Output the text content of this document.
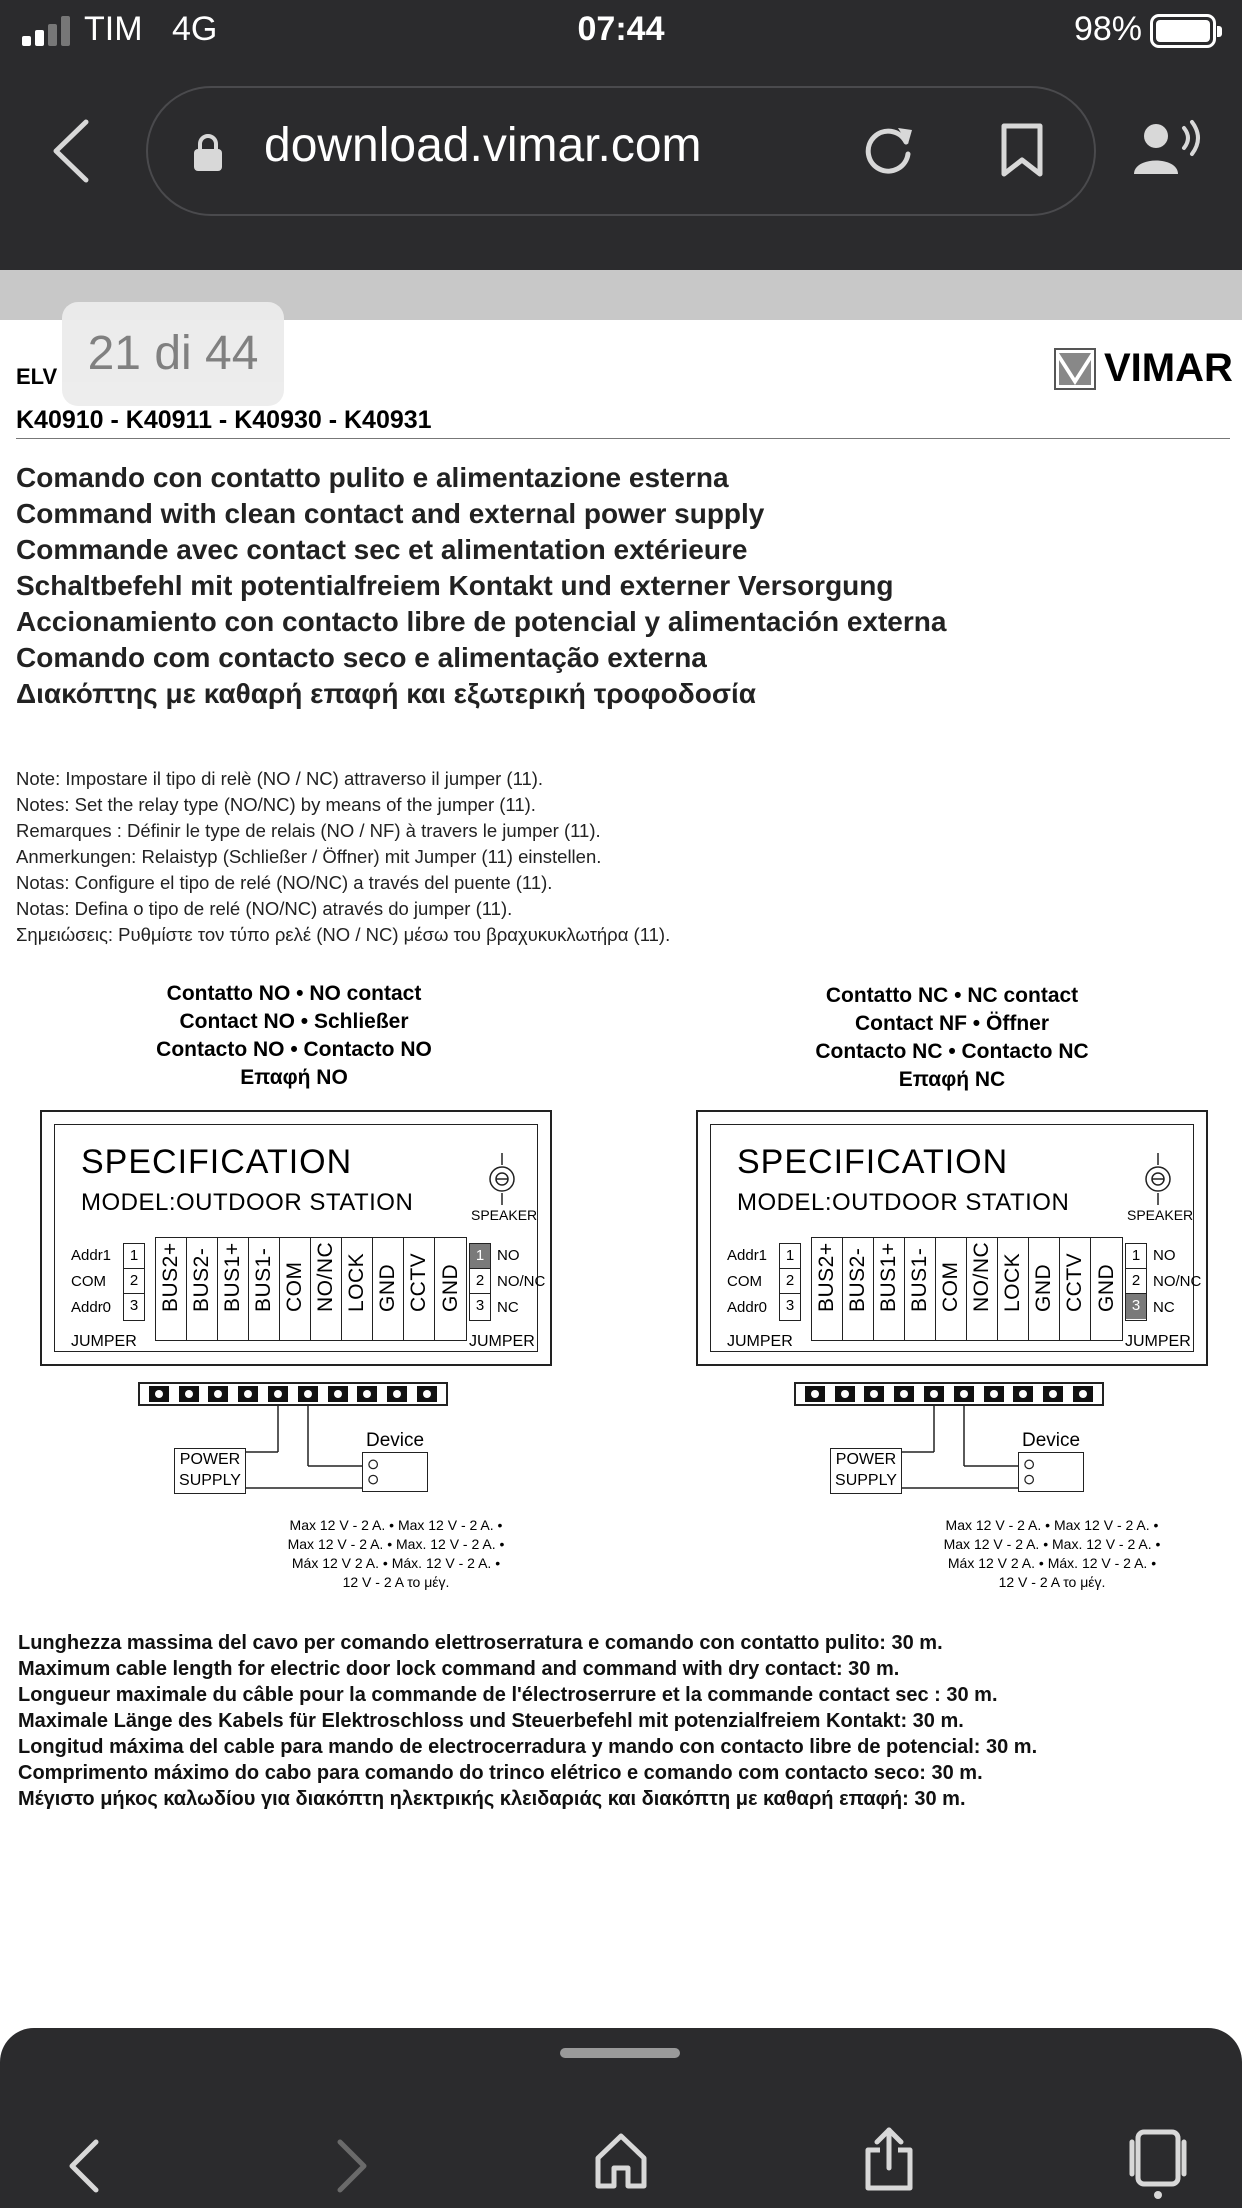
TIM 4G	07:44	98%
download.vimar.com
ELV 21 di 44	VIMAR
K40910 - K40911 - K40930 - K40931
Comando con contatto pulito e alimentazione esterna
Command with clean contact and external power supply
Commande avec contact sec et alimentation extérieure
Schaltbefehl mit potentialfreiem Kontakt und externer Versorgung
Accionamiento con contacto libre de potencial y alimentación externa
Comando com contacto seco e alimentação externa
Διακόπτης με καθαρή επαφή και εξωτερική τροφοδοσία
Note: Impostare il tipo di relè (NO / NC) attraverso il jumper (11).
Notes: Set the relay type (NO/NC) by means of the jumper (11).
Remarques : Définir le type de relais (NO / NF) à travers le jumper (11).
Anmerkungen: Relaistyp (Schließer / Öffner) mit Jumper (11) einstellen.
Notas: Configure el tipo de relé (NO/NC) a través del puente (11).
Notas: Defina o tipo de relé (NO/NC) através do jumper (11).
Σημειώσεις: Ρυθμίστε τον τύπο ρελέ (NO / NC) μέσω του βραχυκυκλωτήρα (11).
Contatto NO • NO contact
Contact NO • Schließer
Contacto NO • Contacto NO
Επαφή NO
Contatto NC • NC contact
Contact NF • Öffner
Contacto NC • Contacto NC
Επαφή NC
SPECIFICATION
MODEL:OUTDOOR STATION	SPEAKER
Addr1
COM
Addr0
1
2
3
JUMPER
BUS2+ BUS2- BUS1+ BUS1- COM NO/NC LOCK GND CCTV GND
1
2
3
NO
NO/NC
NC
JUMPER
POWER
SUPPLY
Device
Max 12 V - 2 A. • Max 12 V - 2 A. •
Max 12 V - 2 A. • Max. 12 V - 2 A. •
Máx 12 V 2 A. • Máx. 12 V - 2 A. •
12 V - 2 A το μέγ.
SPECIFICATION
MODEL:OUTDOOR STATION	SPEAKER
Addr1
COM
Addr0
1
2
3
JUMPER
BUS2+ BUS2- BUS1+ BUS1- COM NO/NC LOCK GND CCTV GND
1
2
3
NO
NO/NC
NC
JUMPER
POWER
SUPPLY
Device
Max 12 V - 2 A. • Max 12 V - 2 A. •
Max 12 V - 2 A. • Max. 12 V - 2 A. •
Máx 12 V 2 A. • Máx. 12 V - 2 A. •
12 V - 2 A το μέγ.
Lunghezza massima del cavo per comando elettroserratura e comando con contatto pulito: 30 m.
Maximum cable length for electric door lock command and command with dry contact: 30 m.
Longueur maximale du câble pour la commande de l'électroserrure et la commande contact sec : 30 m.
Maximale Länge des Kabels für Elektroschloss und Steuerbefehl mit potenzialfreiem Kontakt: 30 m.
Longitud máxima del cable para mando de electrocerradura y mando con contacto libre de potencial: 30 m.
Comprimento máximo do cabo para comando do trinco elétrico e comando com contacto seco: 30 m.
Μέγιστο μήκος καλωδίου για διακόπτη ηλεκτρικής κλειδαριάς και διακόπτη με καθαρή επαφή: 30 m.
